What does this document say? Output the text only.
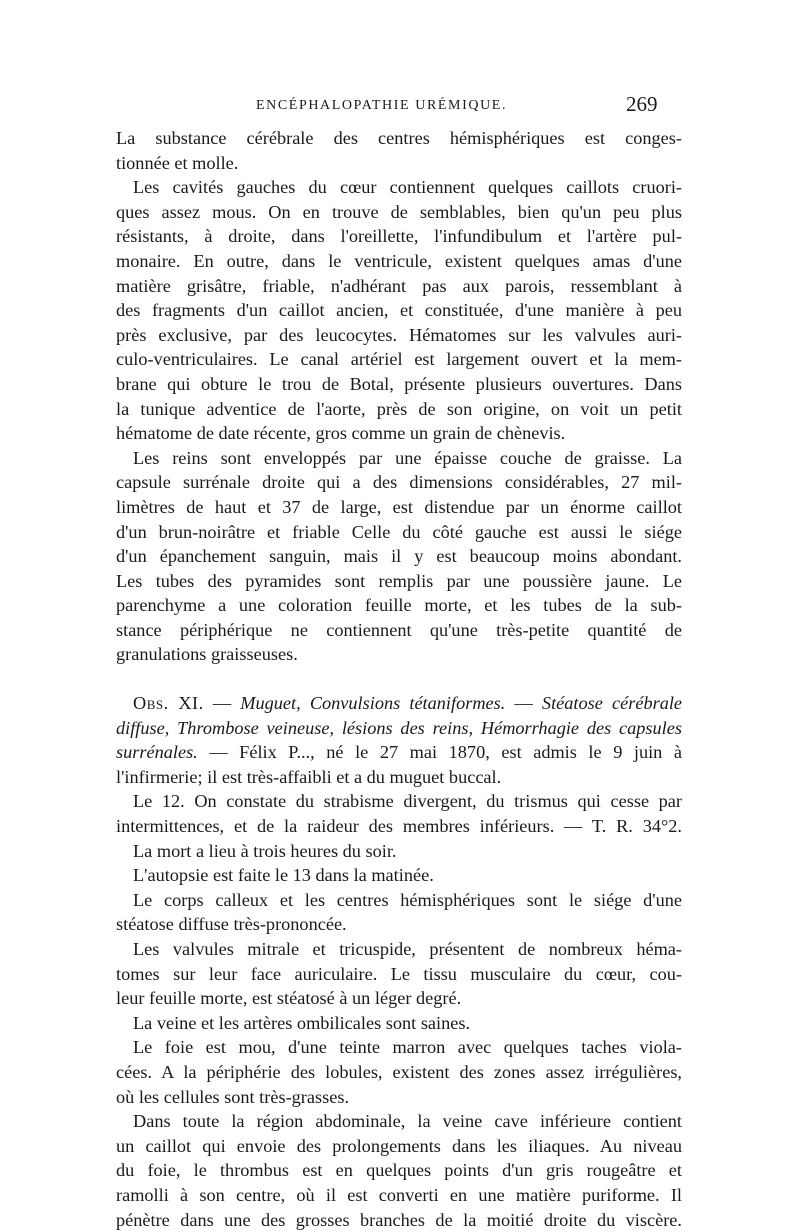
ENCÉPHALOPATHIE URÉMIQUE.	269
La substance cérébrale des centres hémisphériques est conges-
tionnée et molle.
Les cavités gauches du cœur contiennent quelques caillots cruori-
ques assez mous. On en trouve de semblables, bien qu'un peu plus
résistants, à droite, dans l'oreillette, l'infundibulum et l'artère pul-
monaire. En outre, dans le ventricule, existent quelques amas d'une
matière grisâtre, friable, n'adhérant pas aux parois, ressemblant à
des fragments d'un caillot ancien, et constituée, d'une manière à peu
près exclusive, par des leucocytes. Hématomes sur les valvules auri-
culo-ventriculaires. Le canal artériel est largement ouvert et la mem-
brane qui obture le trou de Botal, présente plusieurs ouvertures. Dans
la tunique adventice de l'aorte, près de son origine, on voit un petit
hématome de date récente, gros comme un grain de chènevis.
Les reins sont enveloppés par une épaisse couche de graisse. La
capsule surrénale droite qui a des dimensions considérables, 27 mil-
limètres de haut et 37 de large, est distendue par un énorme caillot
d'un brun-noirâtre et friable Celle du côté gauche est aussi le siége
d'un épanchement sanguin, mais il y est beaucoup moins abondant.
Les tubes des pyramides sont remplis par une poussière jaune. Le
parenchyme a une coloration feuille morte, et les tubes de la sub-
stance périphérique ne contiennent qu'une très-petite quantité de
granulations graisseuses.
Obs. XI. — Muguet, Convulsions tétaniformes. — Stéatose cérébrale
diffuse, Thrombose veineuse, lésions des reins, Hémorrhagie des capsules
surrénales. — Félix P..., né le 27 mai 1870, est admis le 9 juin à
l'infirmerie; il est très-affaibli et a du muguet buccal.
Le 12. On constate du strabisme divergent, du trismus qui cesse par
intermittences, et de la raideur des membres inférieurs. — T. R. 34°2.
La mort a lieu à trois heures du soir.
L'autopsie est faite le 13 dans la matinée.
Le corps calleux et les centres hémisphériques sont le siége d'une
stéatose diffuse très-prononcée.
Les valvules mitrale et tricuspide, présentent de nombreux héma-
tomes sur leur face auriculaire. Le tissu musculaire du cœur, cou-
leur feuille morte, est stéatosé à un léger degré.
La veine et les artères ombilicales sont saines.
Le foie est mou, d'une teinte marron avec quelques taches viola-
cées. A la périphérie des lobules, existent des zones assez irrégulières,
où les cellules sont très-grasses.
Dans toute la région abdominale, la veine cave inférieure contient
un caillot qui envoie des prolongements dans les iliaques. Au niveau
du foie, le thrombus est en quelques points d'un gris rougeâtre et
ramolli à son centre, où il est converti en une matière puriforme. Il
pénètre dans une des grosses branches de la moitié droite du viscère.
